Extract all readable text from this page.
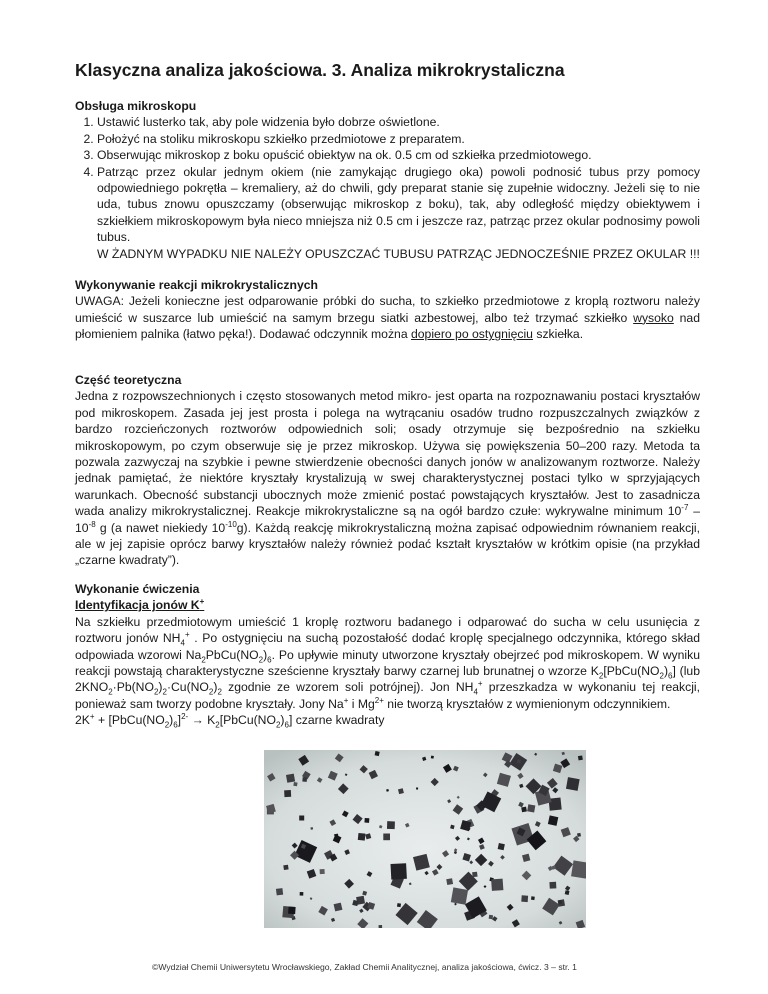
Klasyczna analiza jakościowa. 3. Analiza mikrokrystaliczna
Obsługa mikroskopu
1. Ustawić lusterko tak, aby pole widzenia było dobrze oświetlone.
2. Położyć na stoliku mikroskopu szkiełko przedmiotowe z preparatem.
3. Obserwując mikroskop z boku opuścić obiektyw na ok. 0.5 cm od szkiełka przedmiotowego.
4. Patrząc przez okular jednym okiem (nie zamykając drugiego oka) powoli podnosić tubus przy pomocy odpowiedniego pokrętła – kremaliery, aż do chwili, gdy preparat stanie się zupełnie widoczny. Jeżeli się to nie uda, tubus znowu opuszczamy (obserwując mikroskop z boku), tak, aby odległość między obiektywem i szkiełkiem mikroskopowym była nieco mniejsza niż 0.5 cm i jeszcze raz, patrząc przez okular podnosimy powoli tubus.
W ŻADNYM WYPADKU NIE NALEŻY OPUSZCZAĆ TUBUSU PATRZĄC JEDNOCZEŚNIE PRZEZ OKULAR !!!
Wykonywanie reakcji mikrokrystalicznych
UWAGA: Jeżeli konieczne jest odparowanie próbki do sucha, to szkiełko przedmiotowe z kroplą roztworu należy umieścić w suszarce lub umieścić na samym brzegu siatki azbestowej, albo też trzymać szkiełko wysoko nad płomieniem palnika (łatwo pęka!). Dodawać odczynnik można dopiero po ostygnięciu szkiełka.
Część teoretyczna
Jedna z rozpowszechnionych i często stosowanych metod mikro- jest oparta na rozpoznawaniu postaci kryształów pod mikroskopem. Zasada jej jest prosta i polega na wytrącaniu osadów trudno rozpuszczalnych związków z bardzo rozcieńczonych roztworów odpowiednich soli; osady otrzymuje się bezpośrednio na szkiełku mikroskopowym, po czym obserwuje się je przez mikroskop. Używa się powiększenia 50–200 razy. Metoda ta pozwala zazwyczaj na szybkie i pewne stwierdzenie obecności danych jonów w analizowanym roztworze. Należy jednak pamiętać, że niektóre kryształy krystalizują w swej charakterystycznej postaci tylko w sprzyjających warunkach. Obecność substancji ubocznych może zmienić postać powstających kryształów. Jest to zasadnicza wada analizy mikrokrystalicznej. Reakcje mikrokrystaliczne są na ogół bardzo czułe: wykrywalne minimum $10^{-7} - 10^{-8}$ g (a nawet niekiedy $10^{-10}g$). Każdą reakcję mikrokrystaliczną można zapisać odpowiednim równaniem reakcji, ale w jej zapisie oprócz barwy kryształów należy również podać kształt kryształów w krótkim opisie (na przykład „czarne kwadraty”).
Wykonanie ćwiczenia
Identyfikacja jonów K+
Na szkiełku przedmiotowym umieścić 1 kroplę roztworu badanego i odparować do sucha w celu usunięcia z roztworu jonów $NH_4^+$ . Po ostygnięciu na suchą pozostałość dodać kroplę specjalnego odczynnika, którego skład odpowiada wzorowi $Na_2PbCu(NO_2)_6$. Po upływie minuty utworzone kryształy obejrzeć pod mikroskopem. W wyniku reakcji powstają charakterystyczne sześcienne kryształy barwy czarnej lub brunatnej o wzorze $K_2[PbCu(NO_2)_6]$ (lub $2KNO_2\cdot Pb(NO_2)_2\cdot Cu(NO_2)_2$ zgodnie ze wzorem soli potrójnej). Jon $NH_4^+$ przeszkadza w wykonaniu tej reakcji, ponieważ sam tworzy podobne kryształy. Jony Na+ i $Mg^{2+}$ nie tworzą kryształów z wymienionym odczynnikiem.
$2K^+ + [PbCu(NO_2)_6]^{2-}$ → $K_2[PbCu(NO_2)_6]$ czarne kwadraty
©Wydział Chemii Uniwersytetu Wrocławskiego, Zakład Chemii Analitycznej, analiza jakościowa, ćwicz. 3 – str. 1
